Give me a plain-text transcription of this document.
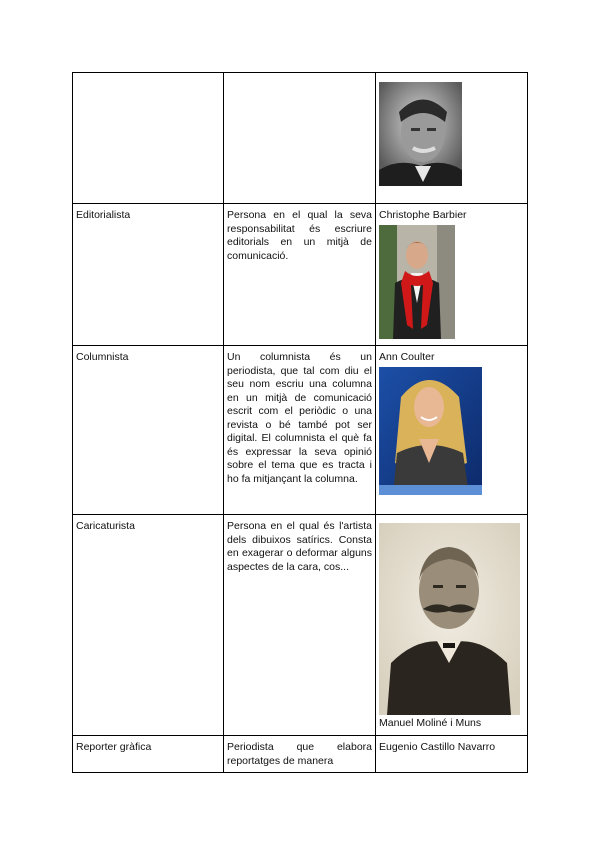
Editorialista	Persona en el qual la seva responsabilitat és escriure editorials en un mitjà de comunicació.	Christophe Barbier

Columnista	Un columnista és un periodista, que tal com diu el seu nom escriu una columna en un mitjà de comunicació escrit com el periòdic o una revista o bé també pot ser digital. El columnista el què fa és expressar la seva opinió sobre el tema que es tracta i ho fa mitjançant la columna.	Ann Coulter

Caricaturista	Persona en el qual és l'artista dels dibuixos satírics. Consta en exagerar o deformar alguns aspectes de la cara, cos...	Manuel Moliné i Muns

Reporter gràfica	Periodista que elabora reportatges de manera	Eugenio Castillo Navarro
